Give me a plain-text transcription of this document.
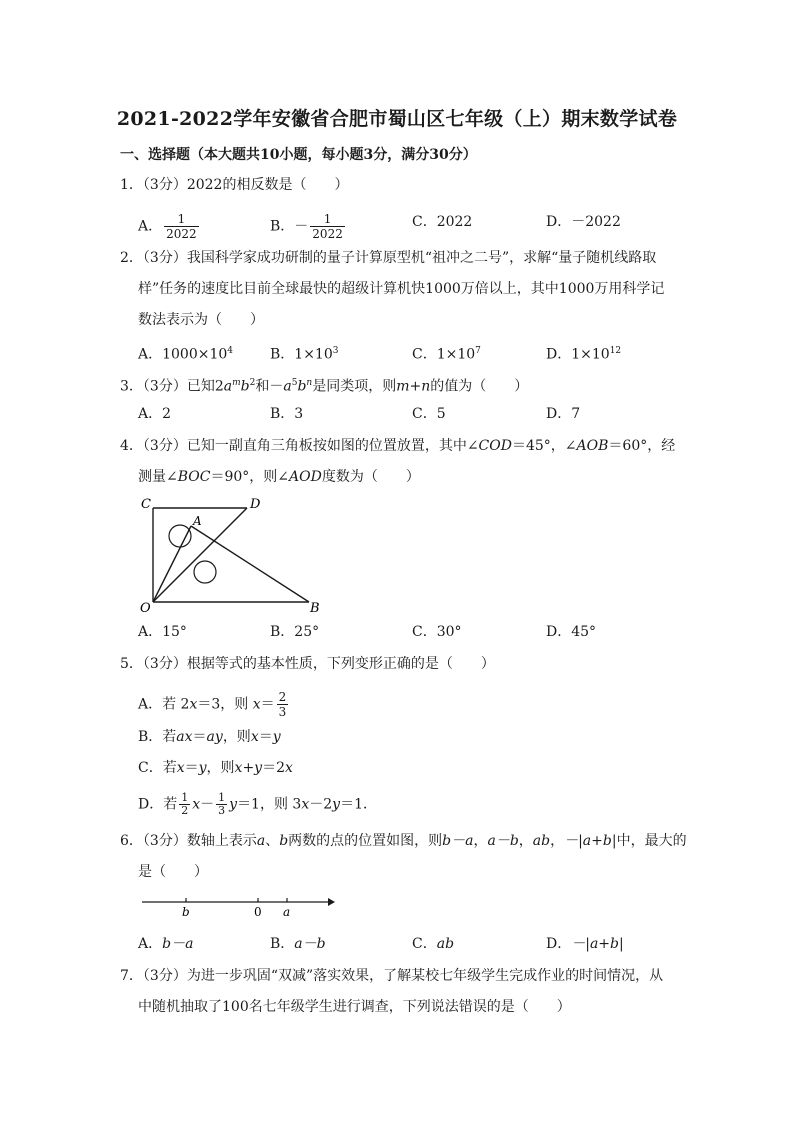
2021-2022学年安徽省合肥市蜀山区七年级（上）期末数学试卷
一、选择题（本大题共10小题，每小题3分，满分30分）
1．（3分）2022的相反数是（　　）
A． $\frac{1}{2022}$	B．－ $\frac{1}{2022}$	C．2022	D．－2022
2．（3分）我国科学家成功研制的量子计算原型机“祖冲之二号”，求解“量子随机线路取
样”任务的速度比目前全球最快的超级计算机快1000万倍以上，其中1000万用科学记
数法表示为（　　）
A．$1000\times 10^4$	B．$1\times 10^3$	C．$1\times 10^7$	D．$1\times 10^{12}$
3．（3分）已知$2a^mb^2$和$-a^5b^n$是同类项，则m+n的值为（　　）
A．2	B．3	C．5	D．7
4．（3分）已知一副直角三角板按如图的位置放置，其中∠COD＝45°，∠AOB＝60°，经
测量∠BOC＝90°，则∠AOD度数为（　　）
C	D
A
O	B
A．15°	B．25°	C．30°	D．45°
5．（3分）根据等式的基本性质，下列变形正确的是（　　）
A．若 2x＝3，则 $x= \frac{2}{3}$
B．若ax＝ay，则x＝y
C．若x＝y，则x+y＝2x
D．若 $\frac{1}{2} x- \frac{1}{3} y=1$，则 3x－2y＝1．
6．（3分）数轴上表示a、b两数的点的位置如图，则b－a，a－b，ab，－|a+b|中，最大的
是（　　）
b	0 a
A．b－a	B．a－b	C．ab	D．－|a+b|
7．（3分）为进一步巩固“双减”落实效果，了解某校七年级学生完成作业的时间情况，从
中随机抽取了100名七年级学生进行调查，下列说法错误的是（　　）
